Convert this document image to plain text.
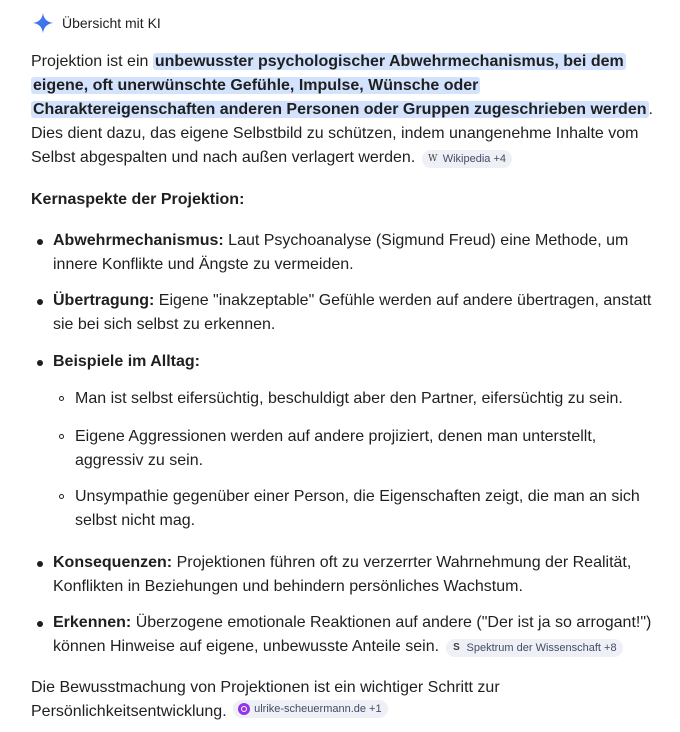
Übersicht mit KI

Projektion ist ein unbewusster psychologischer Abwehrmechanismus, bei dem eigene, oft unerwünschte Gefühle, Impulse, Wünsche oder Charaktereigenschaften anderen Personen oder Gruppen zugeschrieben werden . Dies dient dazu, das eigene Selbstbild zu schützen, indem unangenehme Inhalte vom Selbst abgespalten und nach außen verlagert werden. W Wikipedia +4

Kernaspekte der Projektion:
Abwehrmechanismus: Laut Psychoanalyse (Sigmund Freud) eine Methode, um innere Konflikte und Ängste zu vermeiden.
Übertragung: Eigene "inakzeptable" Gefühle werden auf andere übertragen, anstatt sie bei sich selbst zu erkennen.
Beispiele im Alltag:
Man ist selbst eifersüchtig, beschuldigt aber den Partner, eifersüchtig zu sein.
Eigene Aggressionen werden auf andere projiziert, denen man unterstellt, aggressiv zu sein.
Unsympathie gegenüber einer Person, die Eigenschaften zeigt, die man an sich selbst nicht mag.
Konsequenzen: Projektionen führen oft zu verzerrter Wahrnehmung der Realität, Konflikten in Beziehungen und behindern persönliches Wachstum.
Erkennen: Überzogene emotionale Reaktionen auf andere ("Der ist ja so arrogant!") können Hinweise auf eigene, unbewusste Anteile sein. S Spektrum der Wissenschaft +8

Die Bewusstmachung von Projektionen ist ein wichtiger Schritt zur Persönlichkeitsentwicklung. ulrike-scheuermann.de +1
